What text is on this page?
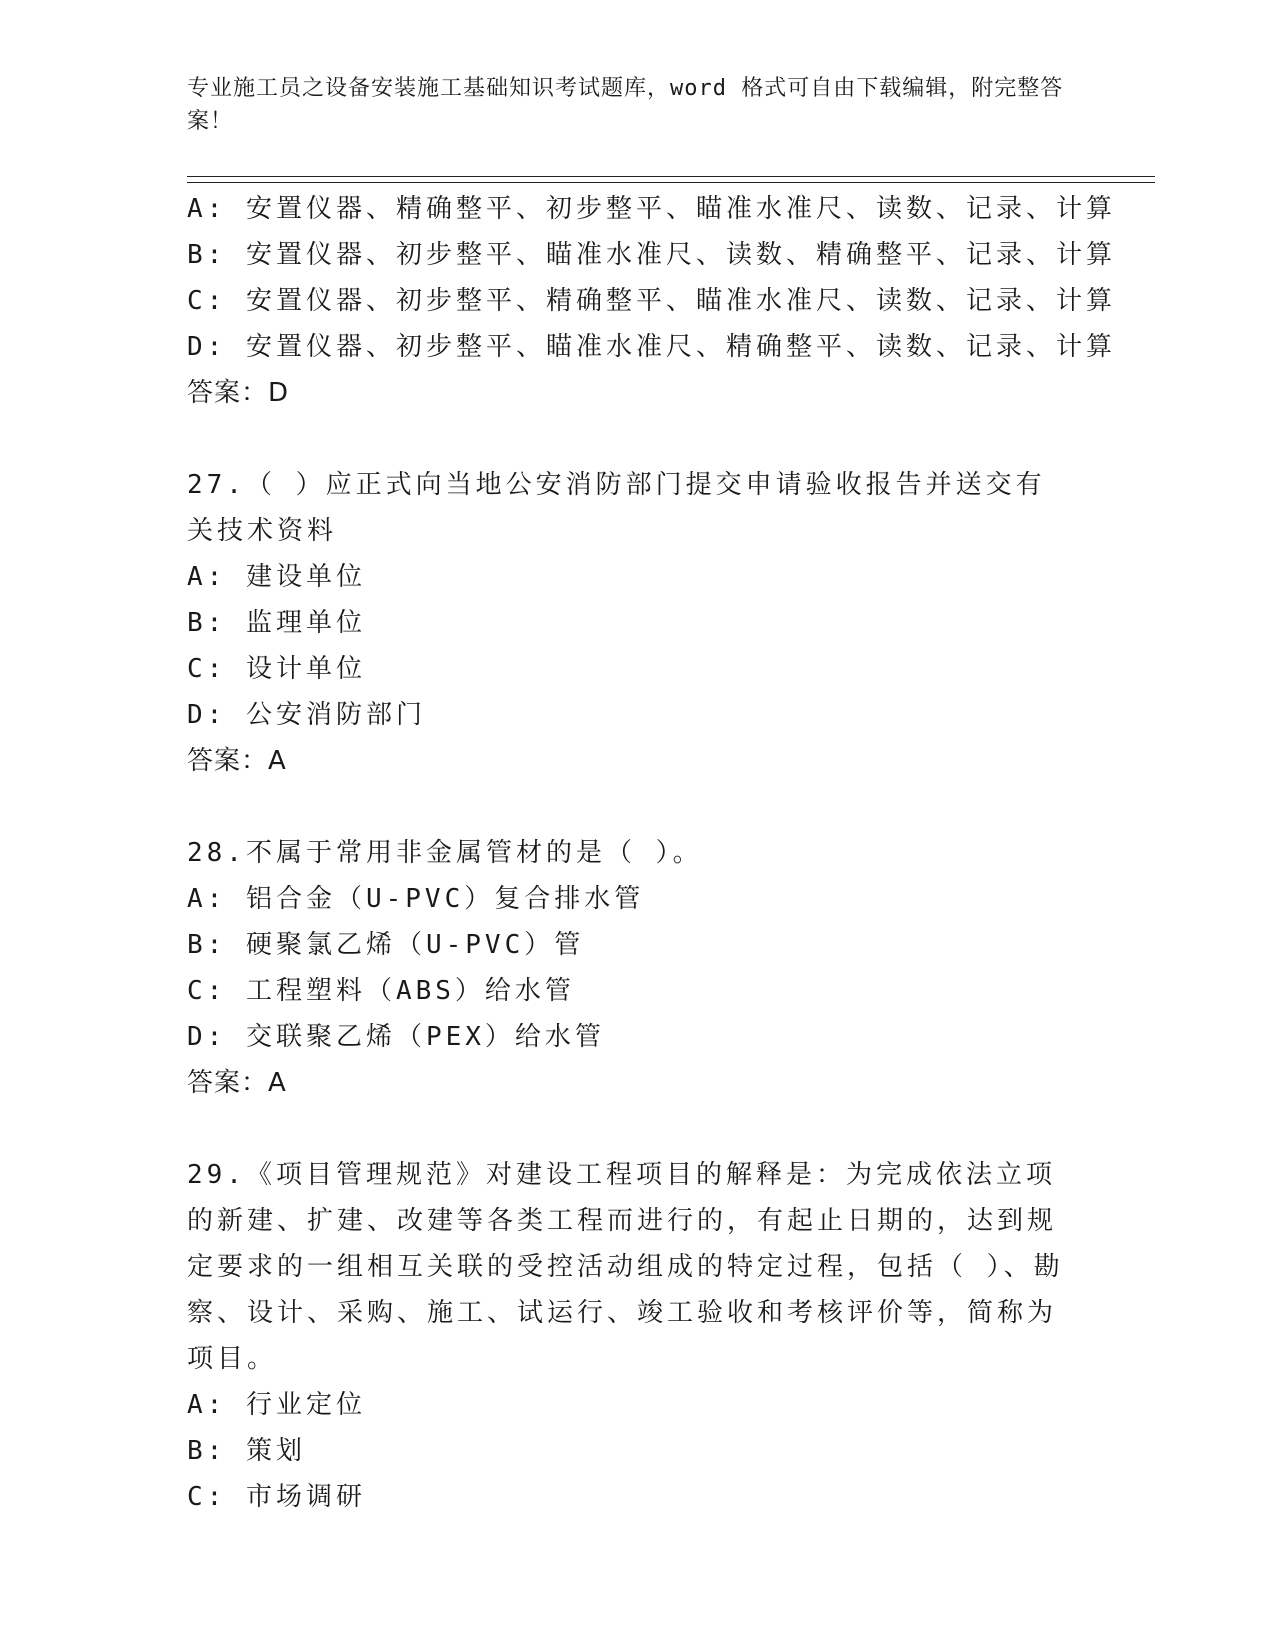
专业施工员之设备安装施工基础知识考试题库，word 格式可自由下载编辑，附完整答案！
A: 安置仪器、精确整平、初步整平、瞄准水准尺、读数、记录、计算
B: 安置仪器、初步整平、瞄准水准尺、读数、精确整平、记录、计算
C: 安置仪器、初步整平、精确整平、瞄准水准尺、读数、记录、计算
D: 安置仪器、初步整平、瞄准水准尺、精确整平、读数、记录、计算
答案：D
27.（ ）应正式向当地公安消防部门提交申请验收报告并送交有关技术资料
A: 建设单位
B: 监理单位
C: 设计单位
D: 公安消防部门
答案：A
28.不属于常用非金属管材的是（ ）。
A: 铝合金（U-PVC）复合排水管
B: 硬聚氯乙烯（U-PVC）管
C: 工程塑料（ABS）给水管
D: 交联聚乙烯（PEX）给水管
答案：A
29.《项目管理规范》对建设工程项目的解释是：为完成依法立项的新建、扩建、改建等各类工程而进行的，有起止日期的，达到规定要求的一组相互关联的受控活动组成的特定过程，包括（ ）、勘察、设计、采购、施工、试运行、竣工验收和考核评价等，简称为项目。
A: 行业定位
B: 策划
C: 市场调研
